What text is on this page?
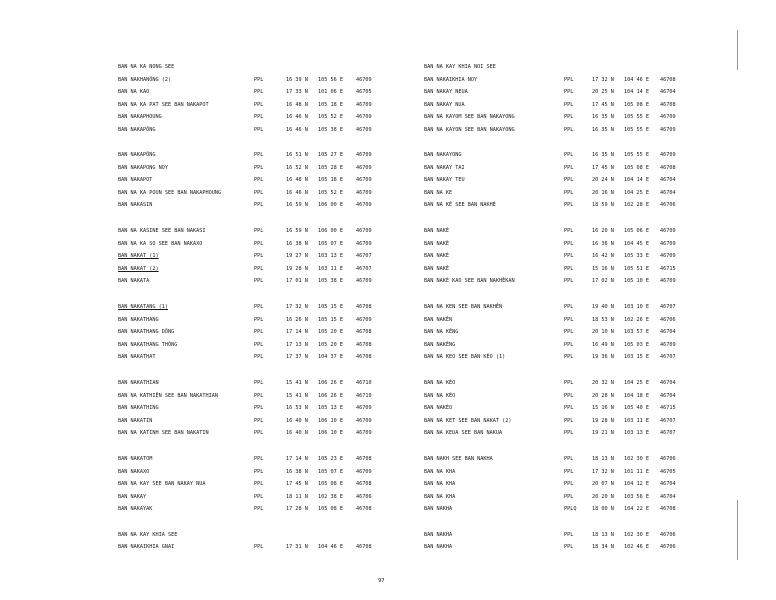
BAN NA KA NONG SEE
BAN NAKHANÔNG (2)	PPL	16 39 N 105 56 E	46709
BAN NA KAO	PPL	17 33 N 101 06 E	46705
BAN NA KA PAT SEE BAN NAKAPOT	PPL	16 48 N 105 18 E	46709
BAN NAKAPHOUNG	PPL	16 46 N 105 52 E	46709
BAN NAKAPÔNG	PPL	16 46 N 105 38 E	46709
BAN NAKAPÔNG	PPL	16 51 N 105 27 E	46709
BAN NAKAPONG NOY	PPL	16 52 N 105 28 E	46709
BAN NAKAPOT	PPL	16 48 N 105 18 E	46709
BAN NA KA POUN SEE BAN NAKAPHOUNG	PPL	16 46 N 105 52 E	46709
BAN NAKASIN	PPL	16 59 N 106 00 E	46709
BAN NA KASINE SEE BAN NAKASI	PPL	16 59 N 106 00 E	46709
BAN NA KA SO SEE BAN NAKAXO	PPL	16 38 N 105 07 E	46709
BAN NAKAT (1)	PPL	19 27 N 103 13 E	46707
BAN NAKAT (2)	PPL	19 28 N 103 11 E	46707
BAN NAKATA	PPL	17 01 N 105 38 E	46709
BAN NAKATANG (1)	PPL	17 32 N 105 15 E	46708
BAN NAKATHANG	PPL	16 26 N 105 15 E	46709
BAN NAKATHANG DÔNG	PPL	17 14 N 105 20 E	46708
BAN NAKATHANG THÔNG	PPL	17 13 N 105 20 E	46708
BAN NAKATHAT	PPL	17 37 N 104 37 E	46708
BAN NAKATHIAN	PPL	15 41 N 106 26 E	46710
BAN NA KATHIÊN SEE BAN NAKATHIAN	PPL	15 41 N 106 26 E	46710
BAN NAKATHING	PPL	16 53 N 105 13 E	46709
BAN NAKATIN	PPL	16 40 N 106 10 E	46709
BAN NA KATINH SEE BAN NAKATIN	PPL	16 40 N 106 10 E	46709
BAN NAKATOM	PPL	17 14 N 105 23 E	46708
BAN NAKAXO	PPL	16 38 N 105 07 E	46709
BAN NA KAY SEE BAN NAKAY NUA	PPL	17 45 N 105 08 E	46708
BAN NAKAY	PPL	18 11 N 102 38 E	46706
BAN NAKAYAK	PPL	17 28 N 105 08 E	46708
BAN NA KAY KHIA SEE
BAN NAKAIKHIA GNAI	PPL	17 31 N 104 46 E	46708
BAN NA KAY KHIA NOI SEE
BAN NAKAIKHIA NOY	PPL	17 32 N 104 46 E 46708
BAN NAKAY NEUA	PPL	20 25 N 104 14 E 46704
BAN NAKAY NUA	PPL	17 45 N 105 08 E 46708
BAN NA KAYOM SEE BAN NAKAYONG	PPL	16 35 N 105 55 E 46709
BAN NA KAYON SEE BAN NAKAYONG	PPL	16 35 N 105 55 E 46709
BAN NAKAYONG	PPL	16 35 N 105 55 E 46709
BAN NAKAY TAI	PPL	17 45 N 105 08 E 46708
BAN NAKAY TEU	PPL	20 24 N 104 14 E 46704
BAN NA KE	PPL	20 16 N 104 25 E 46704
BAN NA KÈ SEE BAN NAKHÈ	PPL	18 59 N 102 28 E 46706
BAN NAKÈ	PPL	16 20 N 105 06 E 46709
BAN NAKÈ	PPL	16 36 N 104 45 E 46709
BAN NAKÈ	PPL	16 42 N 105 33 E 46709
BAN NAKÊ	PPL	15 16 N 105 51 E 46715
BAN NAKÈ KAO SEE BAN NAKHÈKAN	PPL	17 02 N 105 10 E 46709
BAN NA KEN SEE BAN NAKHÊN	PPL	19 40 N 103 10 E 46707
BAN NAKÊN	PPL	18 53 N 102 26 E 46706
BAN NA KÊNG	PPL	20 10 N 103 57 E 46704
BAN NAKÊNG	PPL	16 49 N 105 03 E 46709
BAN NA KEO SEE BAN KÈO (1)	PPL	19 36 N 103 15 E 46707
BAN NA KÈO	PPL	20 32 N 104 25 E 46704
BAN NA KÈO	PPL	20 28 N 104 18 E 46704
BAN NAKÈO	PPL	15 16 N 105 40 E 46715
BAN NA KET SEE BAN NAKAT (2)	PPL	19 28 N 103 11 E 46707
BAN NA KEUA SEE BAN NAKUA	PPL	19 21 N 103 13 E 46707
BAN NAKH SEE BAN NAKHA	PPL	18 13 N 102 30 E 46706
BAN NA KHA	PPL	17 32 N 101 11 E 46705
BAN NA KHA	PPL	20 07 N 104 12 E 46704
BAN NA KHA	PPL	20 20 N 103 56 E 46704
BAN NAKHA	PPLQ	18 00 N 104 22 E 46708
BAN NAKHA	PPL	18 13 N 102 30 E 46706
BAN NAKHA	PPL	18 34 N 102 46 E 46706
97
